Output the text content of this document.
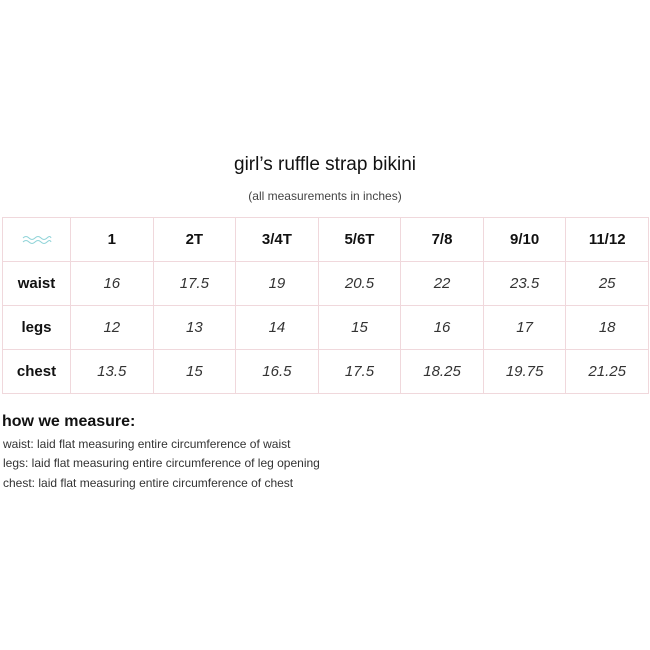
girl’s ruffle strap bikini
(all measurements in inches)
	1	2T	3/4T	5/6T	7/8	9/10	11/12
waist	16	17.5	19	20.5	22	23.5	25
legs	12	13	14	15	16	17	18
chest	13.5	15	16.5	17.5	18.25	19.75	21.25
how we measure:
waist: laid flat measuring entire circumference of waist
legs: laid flat measuring entire circumference of leg opening
chest: laid flat measuring entire circumference of chest
